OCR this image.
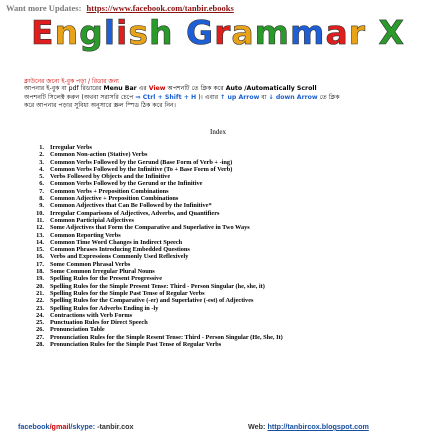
Want more Updates: https://www.facebook.com/tanbir.ebooks
English Grammar X
ক্লাউনের জন্যে ই-বুক পড়া / রিডার জন্য
আপনার ই-বুক বা pdf রিডারের Menu Bar এর View অপশনটি তে ক্লিক করে Auto /Automatically Scroll
অপশনটি সিলেক্ট করুন (অথবা সরাসরি চেপে ⇒ Ctrl + Shift + H )। এবার ↑ up Arrow বা ↓ down Arrow তে ক্লিক
করে আপনার পড়ার সুবিধা অনুসারে স্ক্রল স্পিড ঠিক করে নিন।
Index
1. Irregular Verbs
2. Common Non-action (Stative) Verbs
3. Common Verbs Followed by the Gerund (Base Form of Verb + -ing)
4. Common Verbs Followed by the Infinitive (To + Base Form of Verb)
5. Verbs Followed by Objects and the Infinitive
6. Common Verbs Followed by the Gerund or the Infinitive
7. Common Verbs + Preposition Combinations
8. Common Adjective + Preposition Combinations
9. Common Adjectives that Can Be Followed by the Infinitive*
10. Irregular Comparisons of Adjectives, Adverbs, and Quantifiers
11. Common Participial Adjectives
12. Some Adjectives that Form the Comparative and Superlative in Two Ways
13. Common Reporting Verbs
14. Common Time Word Changes in Indirect Speech
15. Common Phrases Introducing Embedded Questions
16. Verbs and Expressions Commonly Used Reflexively
17. Some Common Phrasal Verbs
18. Some Common Irregular Plural Nouns
19. Spelling Rules for the Present Progressive
20. Spelling Rules for the Simple Present Tense: Third - Person Singular (he, she, it)
21. Spelling Rules for the Simple Past Tense of Regular Verbs
22. Spelling Rules for the Comparative (-er) and Superlative (-est) of Adjectives
23. Spelling Rules for Adverbs Ending in -ly
24. Contractions with Verb Forms
25. Punctuation Rules for Direct Speech
26. Pronunciation Table
27. Pronunciation Rules for the Simple Resent Tense: Third - Person Singular (He, She, It)
28. Pronunciation Rules for the Simple Past Tense of Regular Verbs
facebook/gmail/skype: -tanbir.cox	Web: http://tanbircox.blogspot.com
